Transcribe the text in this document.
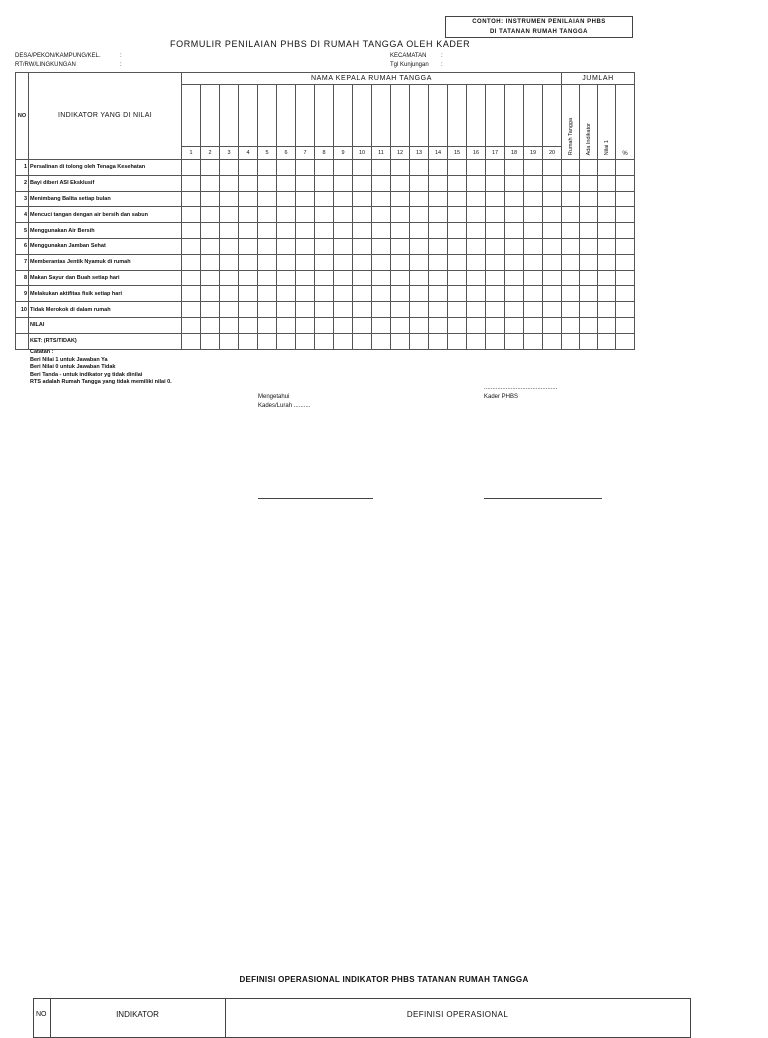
CONTOH: INSTRUMEN PENILAIAN PHBS
DI TATANAN RUMAH TANGGA
FORMULIR PENILAIAN PHBS DI RUMAH TANGGA OLEH KADER
DESA/PEKON/KAMPUNG/KEL.	:
RT/RW/LINGKUNGAN	:
KECAMATAN :
Tgl Kunjungan :
NO	INDIKATOR YANG DI NILAI	NAMA KEPALA RUMAH TANGGA																				JUMLAH			
																						Rumah Tangga	Ada Indikator	Nilai 1	%
		1	2	3	4	5	6	7	8	9	10	11	12	13	14	15	16	17	18	19	20				
1	Persalinan di tolong oleh Tenaga Kesehatan																								
2	Bayi diberi ASI Eksklusif																								
3	Menimbang Balita setiap bulan																								
4	Mencuci tangan dengan air bersih dan sabun																								
5	Menggunakan Air Bersih																								
6	Menggunakan Jamban Sehat																								
7	Memberantas Jentik Nyamuk di rumah																								
8	Makan Sayur dan Buah setiap hari																								
9	Melakukan aktifitas fisik setiap hari																								
10	Tidak Merokok di dalam rumah																								
	NILAI																								
	KET: (RTS/TIDAK)																								
Catatan :
Beri Nilai 1 untuk Jawaban Ya
Beri Nilai 0 untuk Jawaban Tidak
Beri Tanda - untuk indikator yg tidak dinilai
RTS adalah Rumah Tangga yang tidak memiliki nilai 0.
Mengetahui
Kades/Lurah ..........
............................................
Kader PHBS
DEFINISI OPERASIONAL INDIKATOR PHBS TATANAN RUMAH TANGGA
NO	INDIKATOR	DEFINISI OPERASIONAL
